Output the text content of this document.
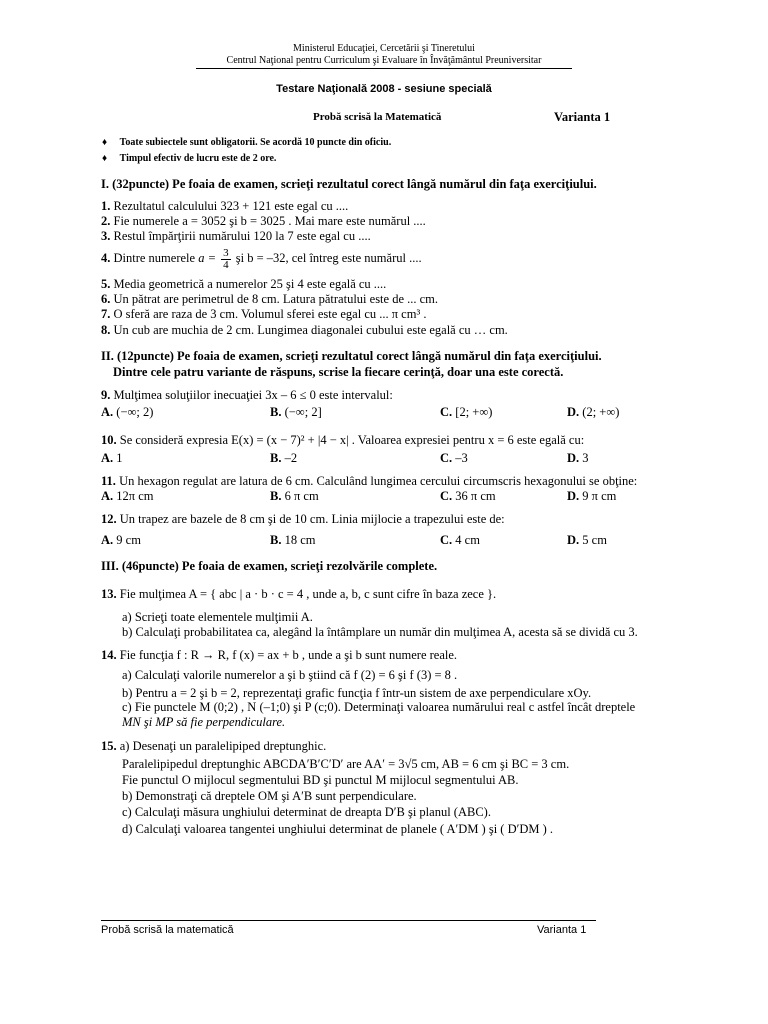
Ministerul Educaţiei, Cercetării şi Tineretului
Centrul Naţional pentru Curriculum şi Evaluare în Învăţământul Preuniversitar
Testare Naţională 2008 - sesiune specială
Probă scrisă la Matematică	Varianta 1
♦ Toate subiectele sunt obligatorii. Se acordă 10 puncte din oficiu.
♦ Timpul efectiv de lucru este de 2 ore.
I. (32puncte) Pe foaia de examen, scrieţi rezultatul corect lângă numărul din faţa exerciţiului.
1. Rezultatul calculului 323 + 121 este egal cu ....
2. Fie numerele a = 3052 şi b = 3025 . Mai mare este numărul ....
3. Restul împărţirii numărului 120 la 7 este egal cu ....
4. Dintre numerele $a = \frac{3}{4}$ şi b = –32, cel întreg este numărul ....
5. Media geometrică a numerelor 25 şi 4 este egală cu ....
6. Un pătrat are perimetrul de 8 cm. Latura pătratului este de ... cm.
7. O sferă are raza de 3 cm. Volumul sferei este egal cu ... π cm³ .
8. Un cub are muchia de 2 cm. Lungimea diagonalei cubului este egală cu … cm.
II. (12puncte) Pe foaia de examen, scrieţi rezultatul corect lângă numărul din faţa exerciţiului.
Dintre cele patru variante de răspuns, scrise la fiecare cerinţă, doar una este corectă.
9. Mulţimea soluţiilor inecuaţiei 3x – 6 ≤ 0 este intervalul:
A. (−∞; 2)	B. (−∞; 2]	C. [2; +∞)	D. (2; +∞)
10. Se consideră expresia E(x) = (x − 7)² + |4 − x| . Valoarea expresiei pentru x = 6 este egală cu:
A. 1	B. –2	C. –3	D. 3
11. Un hexagon regulat are latura de 6 cm. Calculând lungimea cercului circumscris hexagonului se obţine:
A. 12π cm	B. 6 π cm	C. 36 π cm	D. 9 π cm
12. Un trapez are bazele de 8 cm şi de 10 cm. Linia mijlocie a trapezului este de:
A. 9 cm	B. 18 cm	C. 4 cm	D. 5 cm
III. (46puncte) Pe foaia de examen, scrieţi rezolvările complete.
13. Fie mulţimea A = { abc | a · b · c = 4 , unde a, b, c sunt cifre în baza zece }.
a) Scrieţi toate elementele mulţimii A.
b) Calculaţi probabilitatea ca, alegând la întâmplare un număr din mulţimea A, acesta să se dividă cu 3.
14. Fie funcţia f : R → R, f (x) = ax + b , unde a şi b sunt numere reale.
a) Calculaţi valorile numerelor a şi b ştiind că f (2) = 6 şi f (3) = 8 .
b) Pentru a = 2 şi b = 2, reprezentaţi grafic funcţia f într-un sistem de axe perpendiculare xOy.
c) Fie punctele M (0;2) , N (–1;0) şi P (c;0). Determinaţi valoarea numărului real c astfel încât dreptele
MN şi MP să fie perpendiculare.
15. a) Desenaţi un paralelipiped dreptunghic.
Paralelipipedul dreptunghic ABCDA′B′C′D′ are AA′ = 3√5 cm, AB = 6 cm şi BC = 3 cm.
Fie punctul O mijlocul segmentului BD şi punctul M mijlocul segmentului AB.
b) Demonstraţi că dreptele OM şi A′B sunt perpendiculare.
c) Calculaţi măsura unghiului determinat de dreapta D′B şi planul (ABC).
d) Calculaţi valoarea tangentei unghiului determinat de planele ( A′DM ) şi ( D′DM ) .
Probă scrisă la matematică	Varianta 1
